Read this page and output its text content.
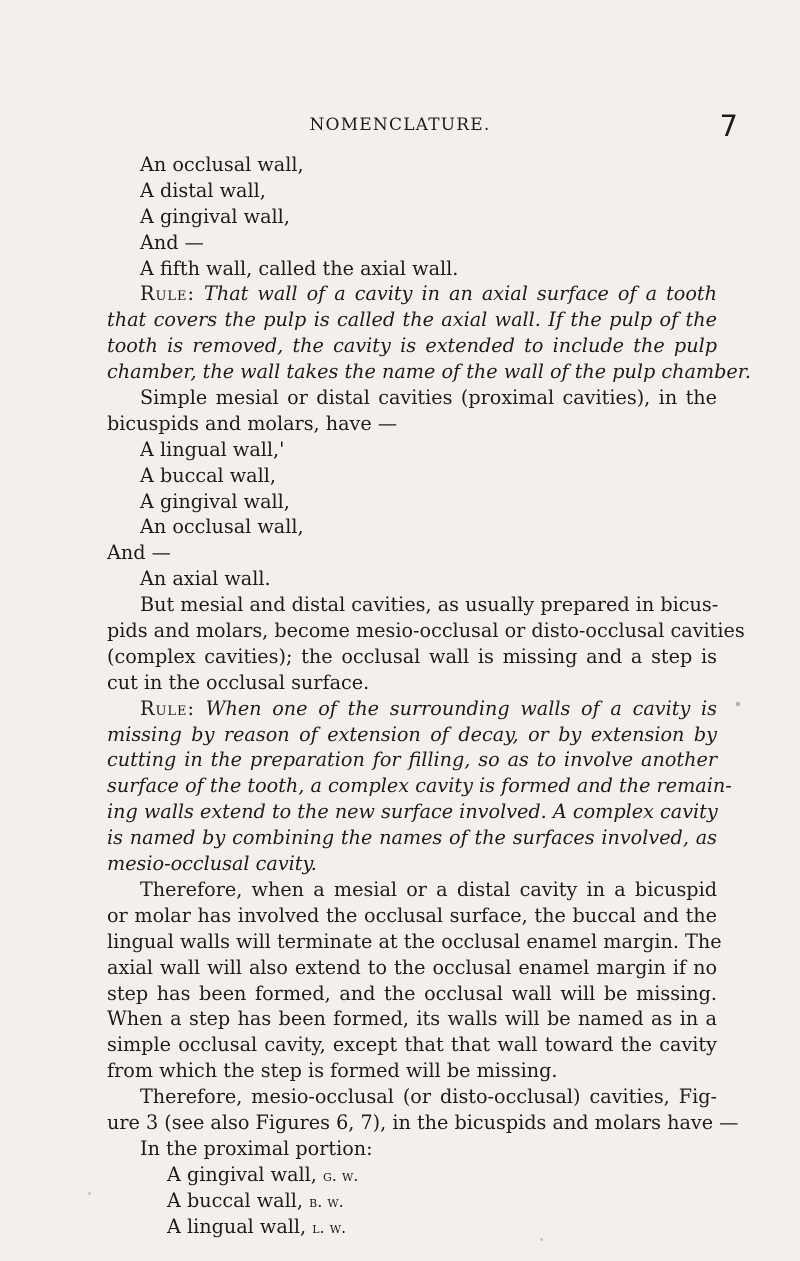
NOMENCLATURE.	7
An occlusal wall,
A distal wall,
A gingival wall,
And —
A fifth wall, called the axial wall.
Rule: That wall of a cavity in an axial surface of a tooth
that covers the pulp is called the axial wall. If the pulp of the
tooth is removed, the cavity is extended to include the pulp
chamber, the wall takes the name of the wall of the pulp chamber.
Simple mesial or distal cavities (proximal cavities), in the
bicuspids and molars, have —
A lingual wall,'
A buccal wall,
A gingival wall,
An occlusal wall,
And —
An axial wall.
But mesial and distal cavities, as usually prepared in bicus-
pids and molars, become mesio-occlusal or disto-occlusal cavities
(complex cavities); the occlusal wall is missing and a step is
cut in the occlusal surface.
Rule: When one of the surrounding walls of a cavity is
missing by reason of extension of decay, or by extension by
cutting in the preparation for filling, so as to involve another
surface of the tooth, a complex cavity is formed and the remain-
ing walls extend to the new surface involved. A complex cavity
is named by combining the names of the surfaces involved, as
mesio-occlusal cavity.
Therefore, when a mesial or a distal cavity in a bicuspid
or molar has involved the occlusal surface, the buccal and the
lingual walls will terminate at the occlusal enamel margin. The
axial wall will also extend to the occlusal enamel margin if no
step has been formed, and the occlusal wall will be missing.
When a step has been formed, its walls will be named as in a
simple occlusal cavity, except that that wall toward the cavity
from which the step is formed will be missing.
Therefore, mesio-occlusal (or disto-occlusal) cavities, Fig-
ure 3 (see also Figures 6, 7), in the bicuspids and molars have —
In the proximal portion:
A gingival wall, g. w.
A buccal wall, b. w.
A lingual wall, l. w.
